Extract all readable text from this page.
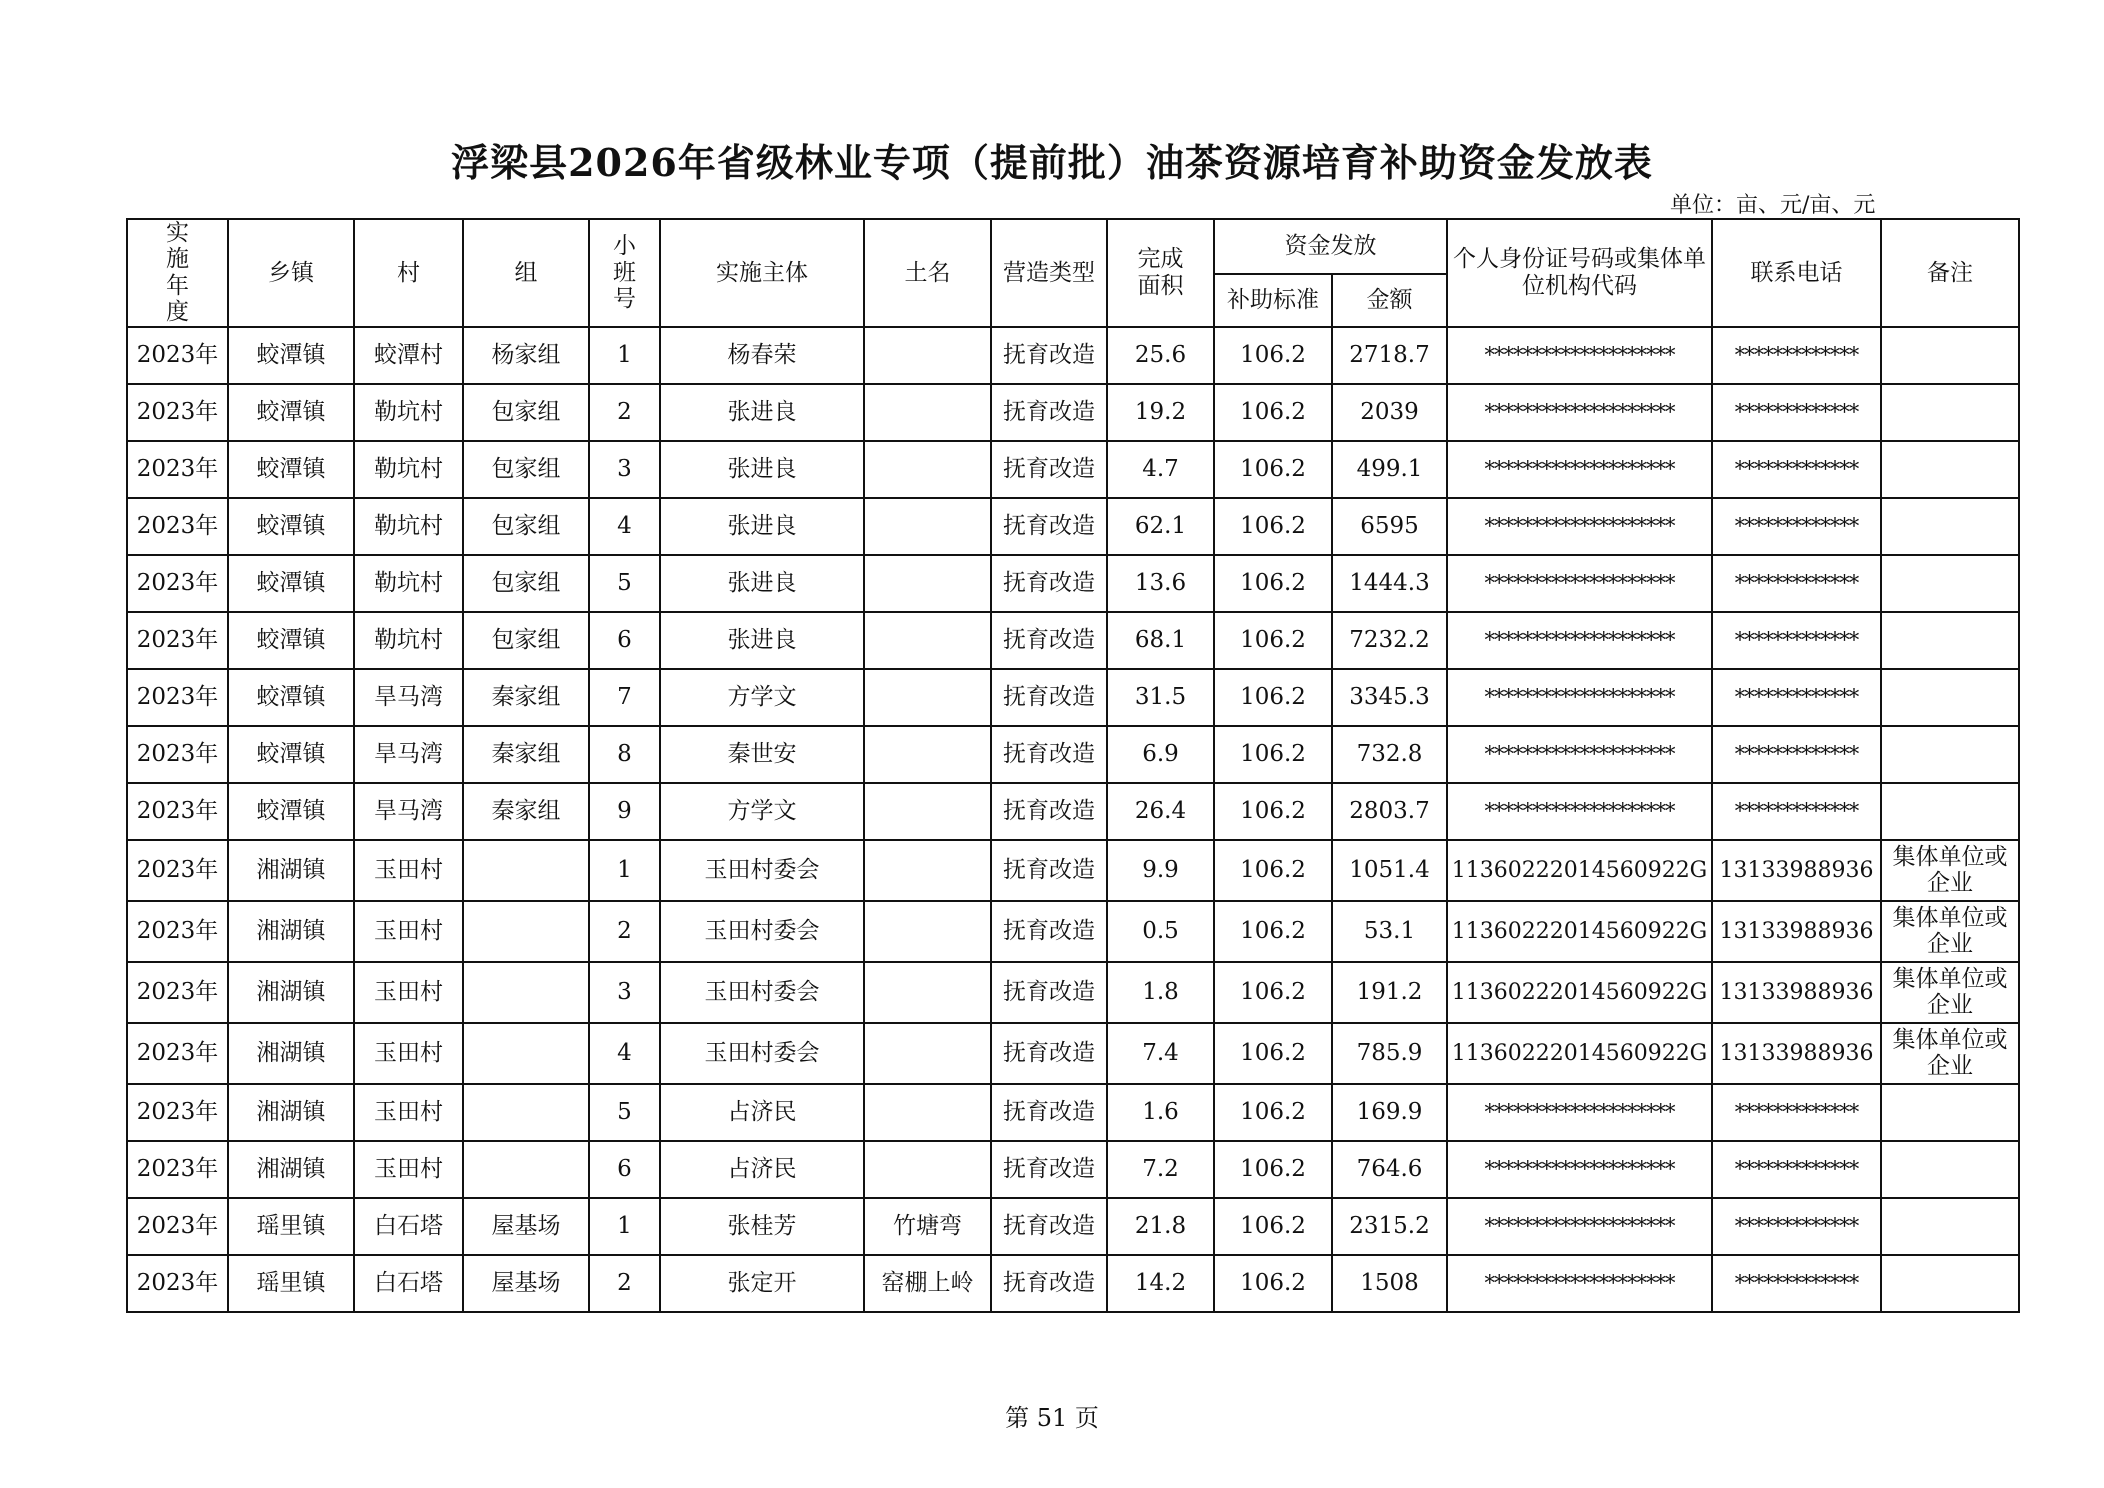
浮梁县2026年省级林业专项（提前批）油茶资源培育补助资金发放表
单位：亩、元/亩、元
实施年度	乡镇	村	组	小班号	实施主体	土名	营造类型	完成面积	资金发放		个人身份证号码或集体单位机构代码	联系电话	备注
									补助标准	金额			
2023年	蛟潭镇	蛟潭村	杨家组	1	杨春荣		抚育改造	25.6	106.2	2718.7	********************	*************	
2023年	蛟潭镇	勒坑村	包家组	2	张进良		抚育改造	19.2	106.2	2039	********************	*************	
2023年	蛟潭镇	勒坑村	包家组	3	张进良		抚育改造	4.7	106.2	499.1	********************	*************	
2023年	蛟潭镇	勒坑村	包家组	4	张进良		抚育改造	62.1	106.2	6595	********************	*************	
2023年	蛟潭镇	勒坑村	包家组	5	张进良		抚育改造	13.6	106.2	1444.3	********************	*************	
2023年	蛟潭镇	勒坑村	包家组	6	张进良		抚育改造	68.1	106.2	7232.2	********************	*************	
2023年	蛟潭镇	旱马湾	秦家组	7	方学文		抚育改造	31.5	106.2	3345.3	********************	*************	
2023年	蛟潭镇	旱马湾	秦家组	8	秦世安		抚育改造	6.9	106.2	732.8	********************	*************	
2023年	蛟潭镇	旱马湾	秦家组	9	方学文		抚育改造	26.4	106.2	2803.7	********************	*************	
2023年	湘湖镇	玉田村		1	玉田村委会		抚育改造	9.9	106.2	1051.4	11360222014560922G	13133988936	集体单位或企业
2023年	湘湖镇	玉田村		2	玉田村委会		抚育改造	0.5	106.2	53.1	11360222014560922G	13133988936	集体单位或企业
2023年	湘湖镇	玉田村		3	玉田村委会		抚育改造	1.8	106.2	191.2	11360222014560922G	13133988936	集体单位或企业
2023年	湘湖镇	玉田村		4	玉田村委会		抚育改造	7.4	106.2	785.9	11360222014560922G	13133988936	集体单位或企业
2023年	湘湖镇	玉田村		5	占济民		抚育改造	1.6	106.2	169.9	********************	*************	
2023年	湘湖镇	玉田村		6	占济民		抚育改造	7.2	106.2	764.6	********************	*************	
2023年	瑶里镇	白石塔	屋基场	1	张桂芳	竹塘弯	抚育改造	21.8	106.2	2315.2	********************	*************	
2023年	瑶里镇	白石塔	屋基场	2	张定开	窑棚上岭	抚育改造	14.2	106.2	1508	********************	*************	
第 51 页
